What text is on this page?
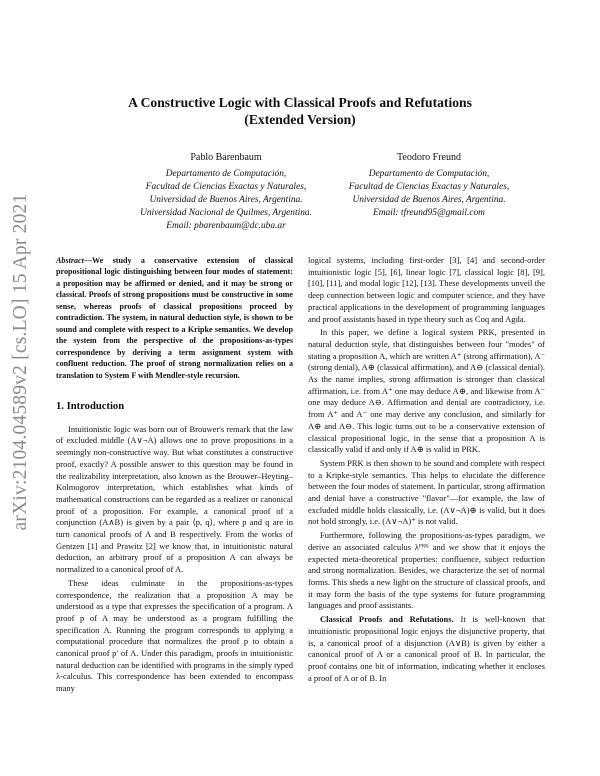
arXiv:2104.04589v2 [cs.LO] 15 Apr 2021
A Constructive Logic with Classical Proofs and Refutations
(Extended Version)
Pablo Barenbaum
Departamento de Computación,
Facultad de Ciencias Exactas y Naturales,
Universidad de Buenos Aires, Argentina.
Universidad Nacional de Quilmes, Argentina.
Email: pbarenbaum@dc.uba.ar
Teodoro Freund
Departamento de Computación,
Facultad de Ciencias Exactas y Naturales,
Universidad de Buenos Aires, Argentina.
Email: tfreund95@gmail.com
Abstract—We study a conservative extension of classical propositional logic distinguishing between four modes of statement: a proposition may be affirmed or denied, and it may be strong or classical. Proofs of strong propositions must be constructive in some sense, whereas proofs of classical propositions proceed by contradiction. The system, in natural deduction style, is shown to be sound and complete with respect to a Kripke semantics. We develop the system from the perspective of the propositions-as-types correspondence by deriving a term assignment system with confluent reduction. The proof of strong normalization relies on a translation to System F with Mendler-style recursion.
1. Introduction

Intuitionistic logic was born out of Brouwer's remark that the law of excluded middle (A∨¬A) allows one to prove propositions in a seemingly non-constructive way. But what constitutes a constructive proof, exactly? A possible answer to this question may be found in the realizability interpretation, also known as the Brouwer–Heyting–Kolmogorov interpretation, which establishes what kinds of mathematical constructions can be regarded as a realizer or canonical proof of a proposition. For example, a canonical proof of a conjunction (A∧B) is given by a pair ⟨p, q⟩, where p and q are in turn canonical proofs of A and B respectively. From the works of Gentzen [1] and Prawitz [2] we know that, in intuitionistic natural deduction, an arbitrary proof of a proposition A can always be normalized to a canonical proof of A.

These ideas culminate in the propositions-as-types correspondence, the realization that a proposition A may be understood as a type that expresses the specification of a program. A proof p of A may be understood as a program fulfilling the specification A. Running the program corresponds to applying a computational procedure that normalizes the proof p to obtain a canonical proof p′ of A. Under this paradigm, proofs in intuitionistic natural deduction can be identified with programs in the simply typed λ-calculus. This correspondence has been extended to encompass many

logical systems, including first-order [3], [4] and second-order intuitionistic logic [5], [6], linear logic [7], classical logic [8], [9], [10], [11], and modal logic [12], [13]. These developments unveil the deep connection between logic and computer science, and they have practical applications in the development of programming languages and proof assistants based in type theory such as Coq and Agda.

In this paper, we define a logical system PRK, presented in natural deduction style, that distinguishes between four "modes" of stating a proposition A, which are written A⁺ (strong affirmation), A⁻ (strong denial), A⊕ (classical affirmation), and A⊖ (classical denial). As the name implies, strong affirmation is stronger than classical affirmation, i.e. from A⁺ one may deduce A⊕, and likewise from A⁻ one may deduce A⊖. Affirmation and denial are contradictory, i.e. from A⁺ and A⁻ one may derive any conclusion, and similarly for A⊕ and A⊖. This logic turns out to be a conservative extension of classical propositional logic, in the sense that a proposition A is classically valid if and only if A⊕ is valid in PRK.

System PRK is then shown to be sound and complete with respect to a Kripke-style semantics. This helps to elucidate the difference between the four modes of statement. In particular, strong affirmation and denial have a constructive "flavor"—for example, the law of excluded middle holds classically, i.e. (A∨¬A)⊕ is valid, but it does not hold strongly, i.e. (A∨¬A)⁺ is not valid.

Furthermore, following the propositions-as-types paradigm, we derive an associated calculus λᴾᴿᴷ and we show that it enjoys the expected meta-theoretical properties: confluence, subject reduction and strong normalization. Besides, we characterize the set of normal forms. This sheds a new light on the structure of classical proofs, and it may form the basis of the type systems for future programming languages and proof assistants.

Classical Proofs and Refutations. It is well-known that intuitionistic propositional logic enjoys the disjunctive property, that is, a canonical proof of a disjunction (A∨B) is given by either a canonical proof of A or a canonical proof of B. In particular, the proof contains one bit of information, indicating whether it encloses a proof of A or of B. In
